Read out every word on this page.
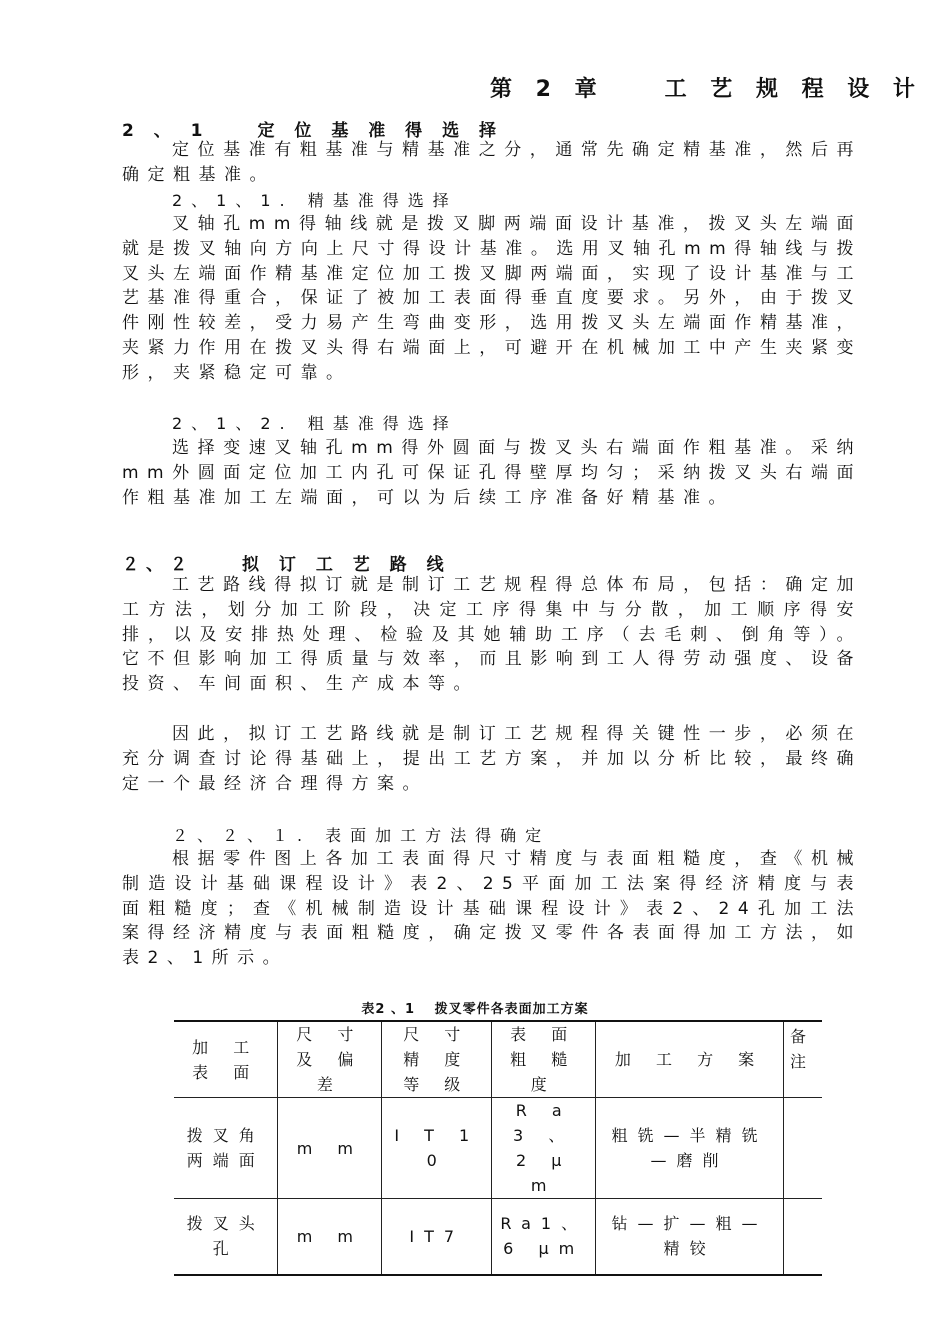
第 2 章　　工 艺 规 程 设 计
2 、 1　　定 位 基 准 得 选 择
定位基准有粗基准与精基准之分，通常先确定精基准，然后再确定粗基准。
2、1、1. 精基准得选择
叉轴孔mm得轴线就是拨叉脚两端面设计基准，拨叉头左端面就是拨叉轴向方向上尺寸得设计基准。选用叉轴孔mm得轴线与拨叉头左端面作精基准定位加工拨叉脚两端面，实现了设计基准与工艺基准得重合，保证了被加工表面得垂直度要求。另外，由于拨叉件刚性较差，受力易产生弯曲变形，选用拨叉头左端面作精基准，夹紧力作用在拨叉头得右端面上，可避开在机械加工中产生夹紧变形，夹紧稳定可靠。
2、1、2. 粗基准得选择
选择变速叉轴孔mm得外圆面与拨叉头右端面作粗基准。采纳mm外圆面定位加工内孔可保证孔得壁厚均匀；采纳拨叉头右端面作粗基准加工左端面，可以为后续工序准备好精基准。
２、２　　拟 订 工 艺 路 线
工艺路线得拟订就是制订工艺规程得总体布局，包括：确定加工方法，划分加工阶段，决定工序得集中与分散，加工顺序得安排，以及安排热处理、检验及其她辅助工序（去毛刺、倒角等）。它不但影响加工得质量与效率，而且影响到工人得劳动强度、设备投资、车间面积、生产成本等。
因此，拟订工艺路线就是制订工艺规程得关键性一步，必须在充分调查讨论得基础上，提出工艺方案，并加以分析比较，最终确定一个最经济合理得方案。
２、２、１. 表面加工方法得确定
根据零件图上各加工表面得尺寸精度与表面粗糙度，查《机械制造设计基础课程设计》表2、25平面加工法案得经济精度与表面粗糙度；查《机械制造设计基础课程设计》表2、24孔加工法案得经济精度与表面粗糙度，确定拨叉零件各表面得加工方法，如表2、1所示。
表2 、1　 拨叉零件各表面加工方案
加 工 表 面	尺 寸 及 偏 差	尺 寸 精 度 等 级	表 面 粗 糙 度	加 工 方 案	备 注
拨叉角两端面	m m	I T 1 0	R a 3 、 2 μ m	粗铣—半精铣—磨削	
拨叉头孔	m m	IT7	Ra1、6 μm	钻—扩—粗—精铰	
